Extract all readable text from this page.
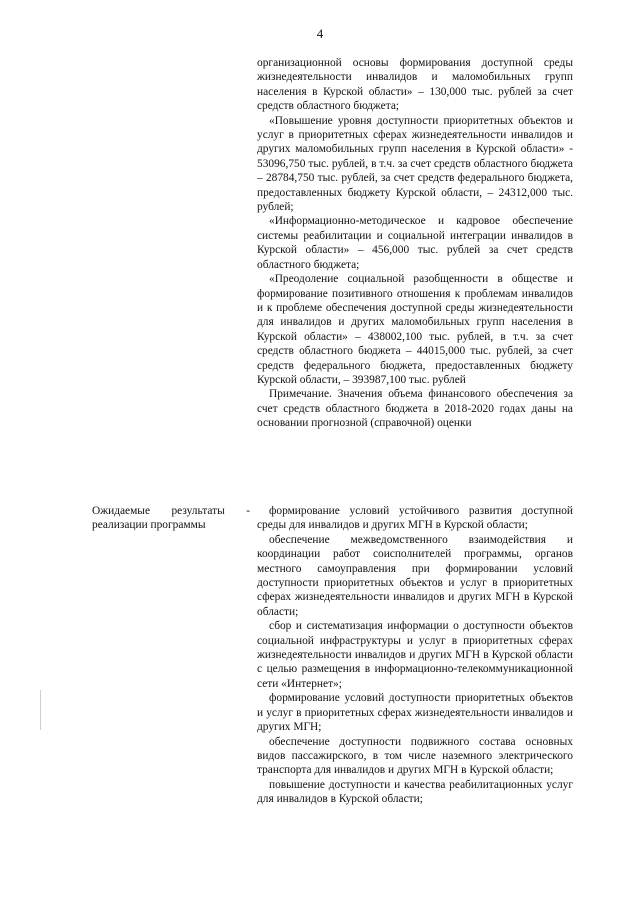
4

организационной основы формирования доступной среды жизнедеятельности инвалидов и маломобильных групп населения в Курской области» – 130,000 тыс. рублей за счет средств областного бюджета;

«Повышение уровня доступности приоритетных объектов и услуг в приоритетных сферах жизнедеятельности инвалидов и других маломобильных групп населения в Курской области» - 53096,750 тыс. рублей, в т.ч. за счет средств областного бюджета – 28784,750 тыс. рублей, за счет средств федерального бюджета, предоставленных бюджету Курской области, – 24312,000 тыс. рублей;

«Информационно-методическое и кадровое обеспечение системы реабилитации и социальной интеграции инвалидов в Курской области» – 456,000 тыс. рублей за счет средств областного бюджета;

«Преодоление социальной разобщенности в обществе и формирование позитивного отношения к проблемам инвалидов и к проблеме обеспечения доступной среды жизнедеятельности для инвалидов и других маломобильных групп населения в Курской области» – 438002,100 тыс. рублей, в т.ч. за счет средств областного бюджета – 44015,000 тыс. рублей, за счет средств федерального бюджета, предоставленных бюджету Курской области, – 393987,100 тыс. рублей

Примечание. Значения объема финансового обеспечения за счет средств областного бюджета в 2018-2020 годах даны на основании прогнозной (справочной) оценки

Ожидаемые результаты -
реализации программы

формирование условий устойчивого развития доступной среды для инвалидов и других МГН в Курской области;

обеспечение межведомственного взаимодействия и координации работ соисполнителей программы, органов местного самоуправления при формировании условий доступности приоритетных объектов и услуг в приоритетных сферах жизнедеятельности инвалидов и других МГН в Курской области;

сбор и систематизация информации о доступности объектов социальной инфраструктуры и услуг в приоритетных сферах жизнедеятельности инвалидов и других МГН в Курской области с целью размещения в информационно-телекоммуникационной сети «Интернет»;

формирование условий доступности приоритетных объектов и услуг в приоритетных сферах жизнедеятельности инвалидов и других МГН;

обеспечение доступности подвижного состава основных видов пассажирского, в том числе наземного электрического транспорта для инвалидов и других МГН в Курской области;

повышение доступности и качества реабилитационных услуг для инвалидов в Курской области;
